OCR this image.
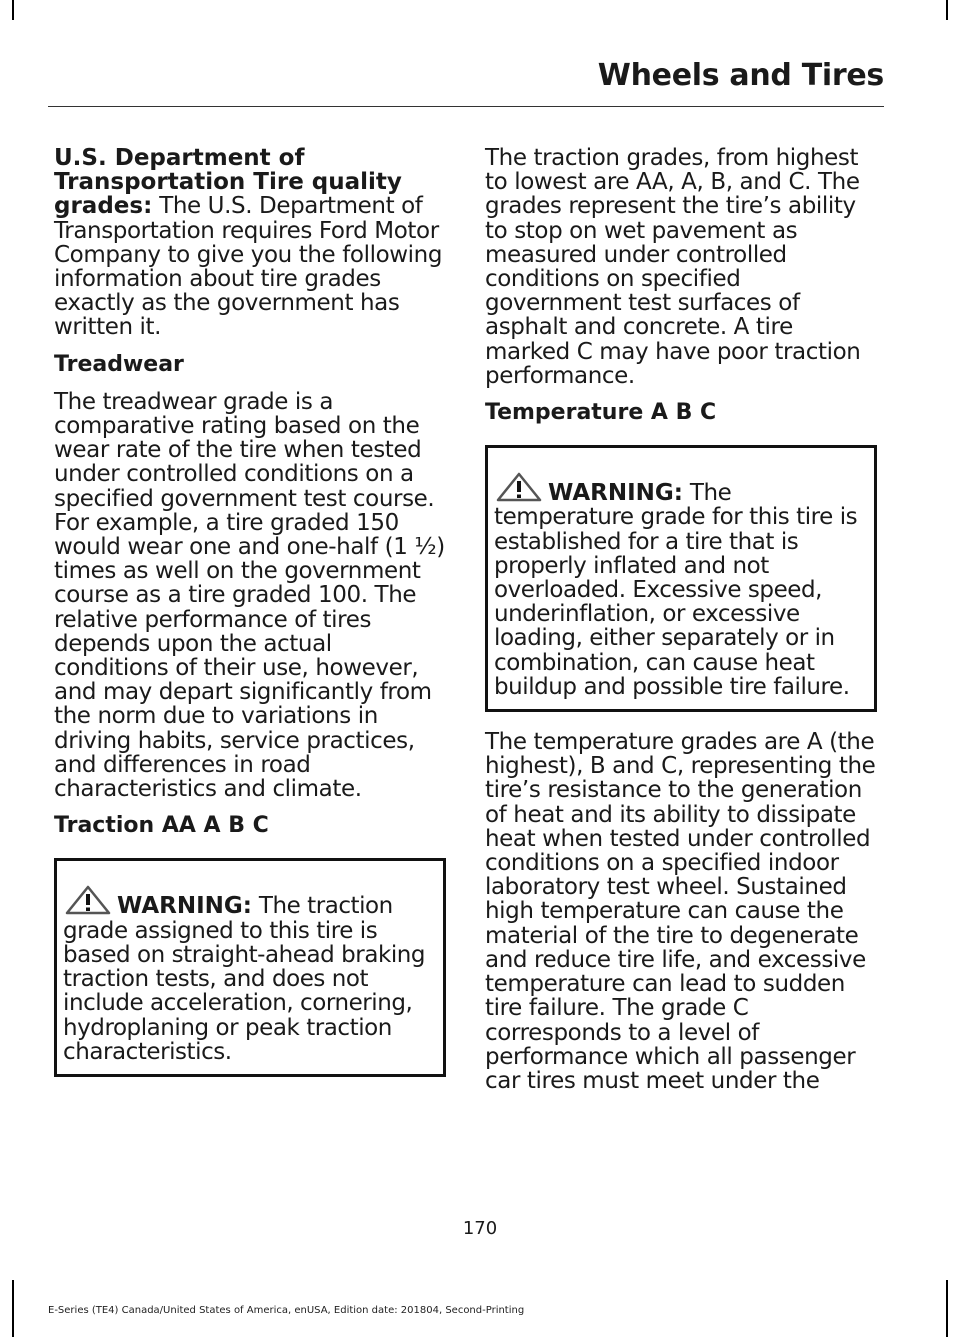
Wheels and Tires

U.S. Department of Transportation Tire quality grades: The U.S. Department of Transportation requires Ford Motor Company to give you the following information about tire grades exactly as the government has written it.

Treadwear

The treadwear grade is a comparative rating based on the wear rate of the tire when tested under controlled conditions on a specified government test course. For example, a tire graded 150 would wear one and one-half (1 ½) times as well on the government course as a tire graded 100. The relative performance of tires depends upon the actual conditions of their use, however, and may depart significantly from the norm due to variations in driving habits, service practices, and differences in road characteristics and climate.

Traction AA A B C
WARNING: The traction grade assigned to this tire is based on straight-ahead braking traction tests, and does not include acceleration, cornering, hydroplaning or peak traction characteristics.

The traction grades, from highest to lowest are AA, A, B, and C. The grades represent the tire’s ability to stop on wet pavement as measured under controlled conditions on specified government test surfaces of asphalt and concrete. A tire marked C may have poor traction performance.

Temperature A B C
WARNING: The temperature grade for this tire is established for a tire that is properly inflated and not overloaded. Excessive speed, underinflation, or excessive loading, either separately or in combination, can cause heat buildup and possible tire failure.

The temperature grades are A (the highest), B and C, representing the tire’s resistance to the generation of heat and its ability to dissipate heat when tested under controlled conditions on a specified indoor laboratory test wheel. Sustained high temperature can cause the material of the tire to degenerate and reduce tire life, and excessive temperature can lead to sudden tire failure. The grade C corresponds to a level of performance which all passenger car tires must meet under the

170
E-Series (TE4) Canada/United States of America, enUSA, Edition date: 201804, Second-Printing
